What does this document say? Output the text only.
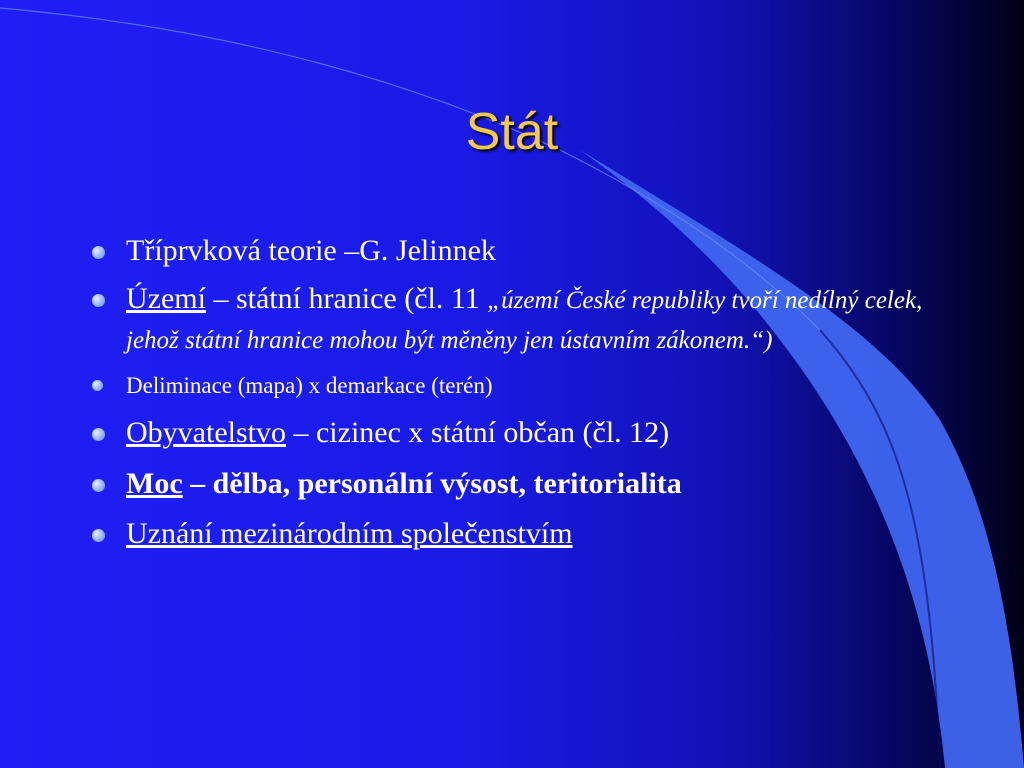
Stát
Tříprvková teorie –G. Jelinnek
Území – státní hranice (čl. 11 „území České republiky tvoří nedílný celek, jehož státní hranice mohou být měněny jen ústavním zákonem.“)
Deliminace (mapa) x demarkace (terén)
Obyvatelstvo – cizinec x státní občan (čl. 12)
Moc – dělba, personální výsost, teritorialita
Uznání mezinárodním společenstvím
